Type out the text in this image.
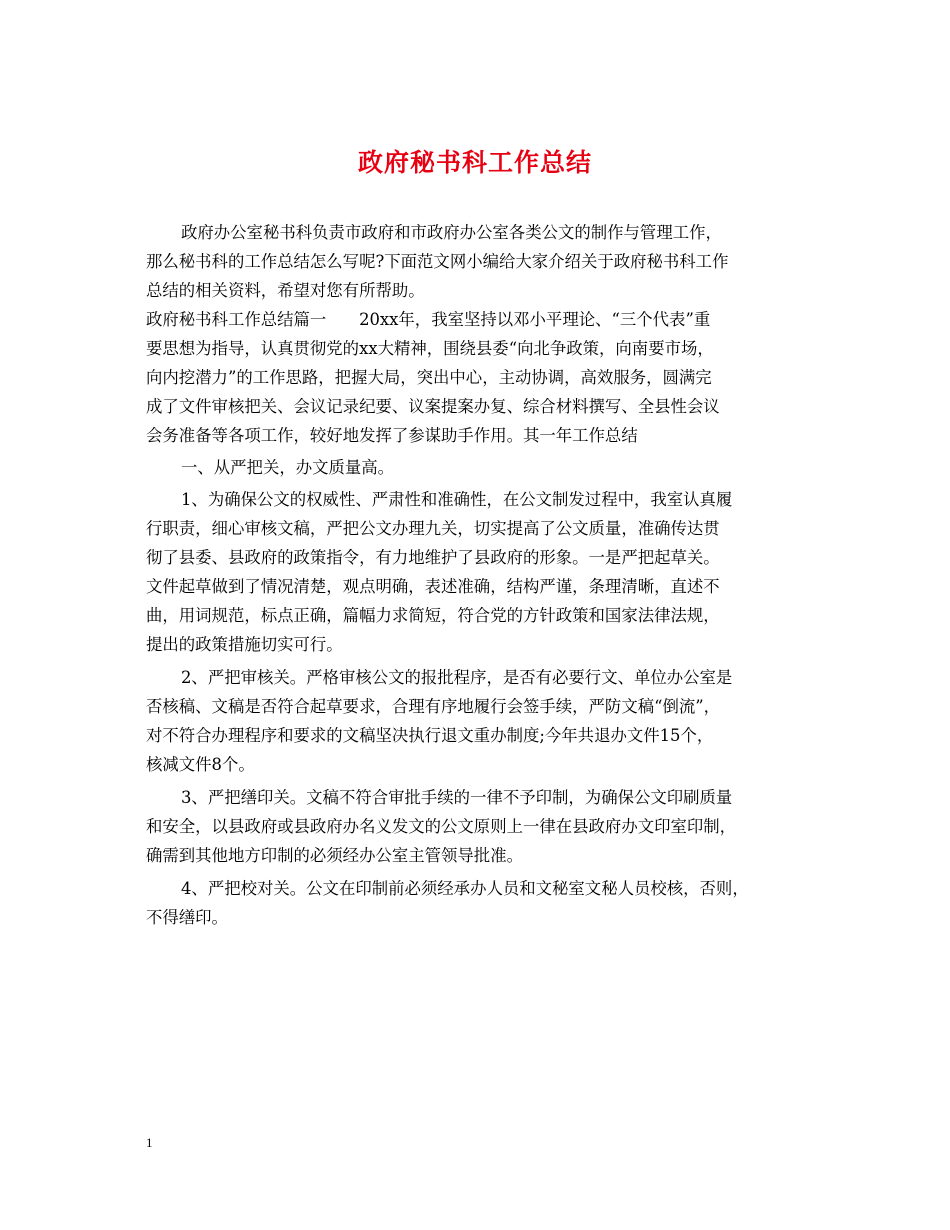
政府秘书科工作总结
政府办公室秘书科负责市政府和市政府办公室各类公文的制作与管理工作，
那么秘书科的工作总结怎么写呢?下面范文网小编给大家介绍关于政府秘书科工作
总结的相关资料，希望对您有所帮助。
政府秘书科工作总结篇一　　20xx年，我室坚持以邓小平理论、“三个代表”重
要思想为指导，认真贯彻党的xx大精神，围绕县委“向北争政策，向南要市场，
向内挖潜力”的工作思路，把握大局，突出中心，主动协调，高效服务，圆满完
成了文件审核把关、会议记录纪要、议案提案办复、综合材料撰写、全县性会议
会务准备等各项工作，较好地发挥了参谋助手作用。其一年工作总结
一、从严把关，办文质量高。
1、为确保公文的权威性、严肃性和准确性，在公文制发过程中，我室认真履
行职责，细心审核文稿，严把公文办理九关，切实提高了公文质量，准确传达贯
彻了县委、县政府的政策指令，有力地维护了县政府的形象。一是严把起草关。
文件起草做到了情况清楚，观点明确，表述准确，结构严谨，条理清晰，直述不
曲，用词规范，标点正确，篇幅力求简短，符合党的方针政策和国家法律法规，
提出的政策措施切实可行。
2、严把审核关。严格审核公文的报批程序，是否有必要行文、单位办公室是
否核稿、文稿是否符合起草要求，合理有序地履行会签手续，严防文稿“倒流”，
对不符合办理程序和要求的文稿坚决执行退文重办制度;今年共退办文件15个，
核减文件8个。
3、严把缮印关。文稿不符合审批手续的一律不予印制，为确保公文印刷质量
和安全，以县政府或县政府办名义发文的公文原则上一律在县政府办文印室印制，
确需到其他地方印制的必须经办公室主管领导批准。
4、严把校对关。公文在印制前必须经承办人员和文秘室文秘人员校核，否则，
不得缮印。
1
